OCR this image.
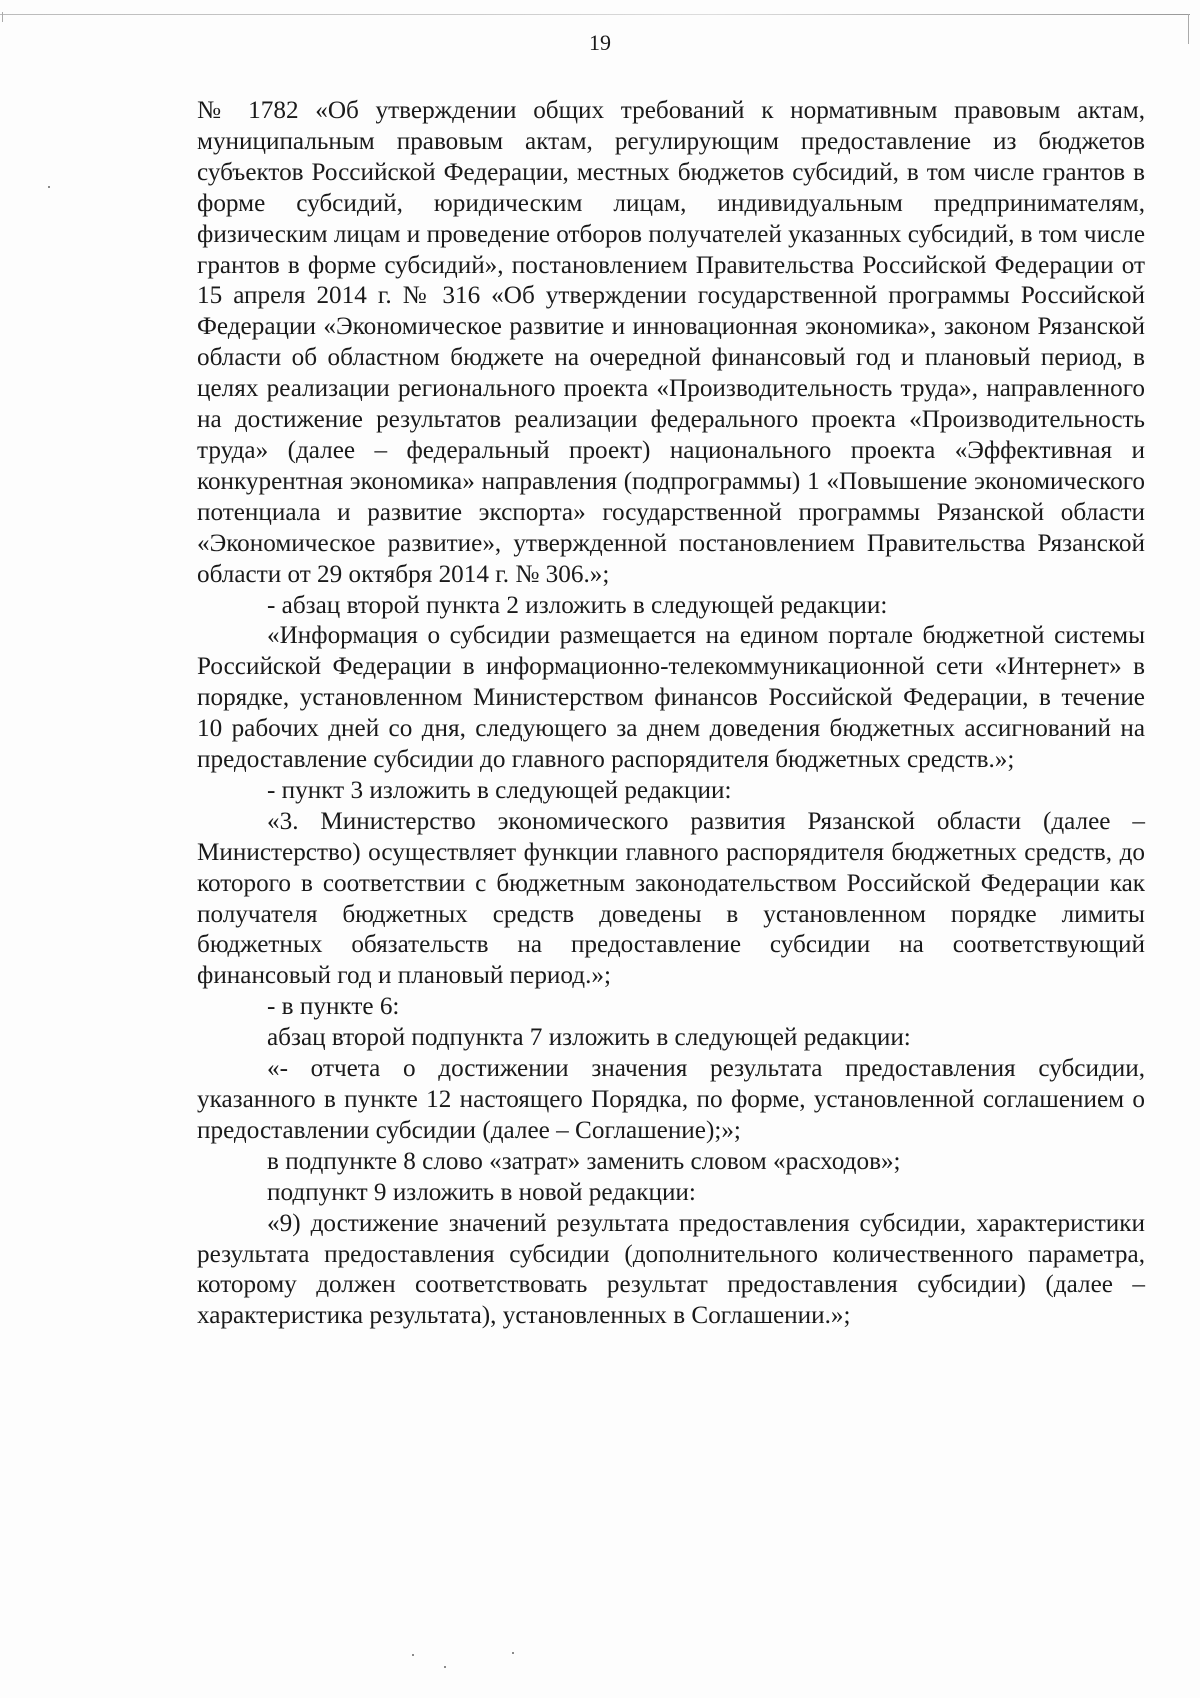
19

№ 1782 «Об утверждении общих требований к нормативным правовым актам, муниципальным правовым актам, регулирующим предоставление из бюджетов субъектов Российской Федерации, местных бюджетов субсидий, в том числе грантов в форме субсидий, юридическим лицам, индивидуальным предпринимателям, физическим лицам и проведение отборов получателей указанных субсидий, в том числе грантов в форме субсидий», постановлением Правительства Российской Федерации от 15 апреля 2014 г. № 316 «Об утверждении государственной программы Российской Федерации «Экономическое развитие и инновационная экономика», законом Рязанской области об областном бюджете на очередной финансовый год и плановый период, в целях реализации регионального проекта «Производительность труда», направленного на достижение результатов реализации федерального проекта «Производительность труда» (далее – федеральный проект) национального проекта «Эффективная и конкурентная экономика» направления (подпрограммы) 1 «Повышение экономического потенциала и развитие экспорта» государственной программы Рязанской области «Экономическое развитие», утвержденной постановлением Правительства Рязанской области от 29 октября 2014 г. № 306.»;

- абзац второй пункта 2 изложить в следующей редакции:

«Информация о субсидии размещается на едином портале бюджетной системы Российской Федерации в информационно-телекоммуникационной сети «Интернет» в порядке, установленном Министерством финансов Российской Федерации, в течение 10 рабочих дней со дня, следующего за днем доведения бюджетных ассигнований на предоставление субсидии до главного распорядителя бюджетных средств.»;

- пункт 3 изложить в следующей редакции:

«3. Министерство экономического развития Рязанской области (далее – Министерство) осуществляет функции главного распорядителя бюджетных средств, до которого в соответствии с бюджетным законодательством Российской Федерации как получателя бюджетных средств доведены в установленном порядке лимиты бюджетных обязательств на предоставление субсидии на соответствующий финансовый год и плановый период.»;

- в пункте 6:

абзац второй подпункта 7 изложить в следующей редакции:

«- отчета о достижении значения результата предоставления субсидии, указанного в пункте 12 настоящего Порядка, по форме, установленной соглашением о предоставлении субсидии (далее – Соглашение);»;

в подпункте 8 слово «затрат» заменить словом «расходов»;

подпункт 9 изложить в новой редакции:

«9) достижение значений результата предоставления субсидии, характеристики результата предоставления субсидии (дополнительного количественного параметра, которому должен соответствовать результат предоставления субсидии) (далее – характеристика результата), установленных в Соглашении.»;
